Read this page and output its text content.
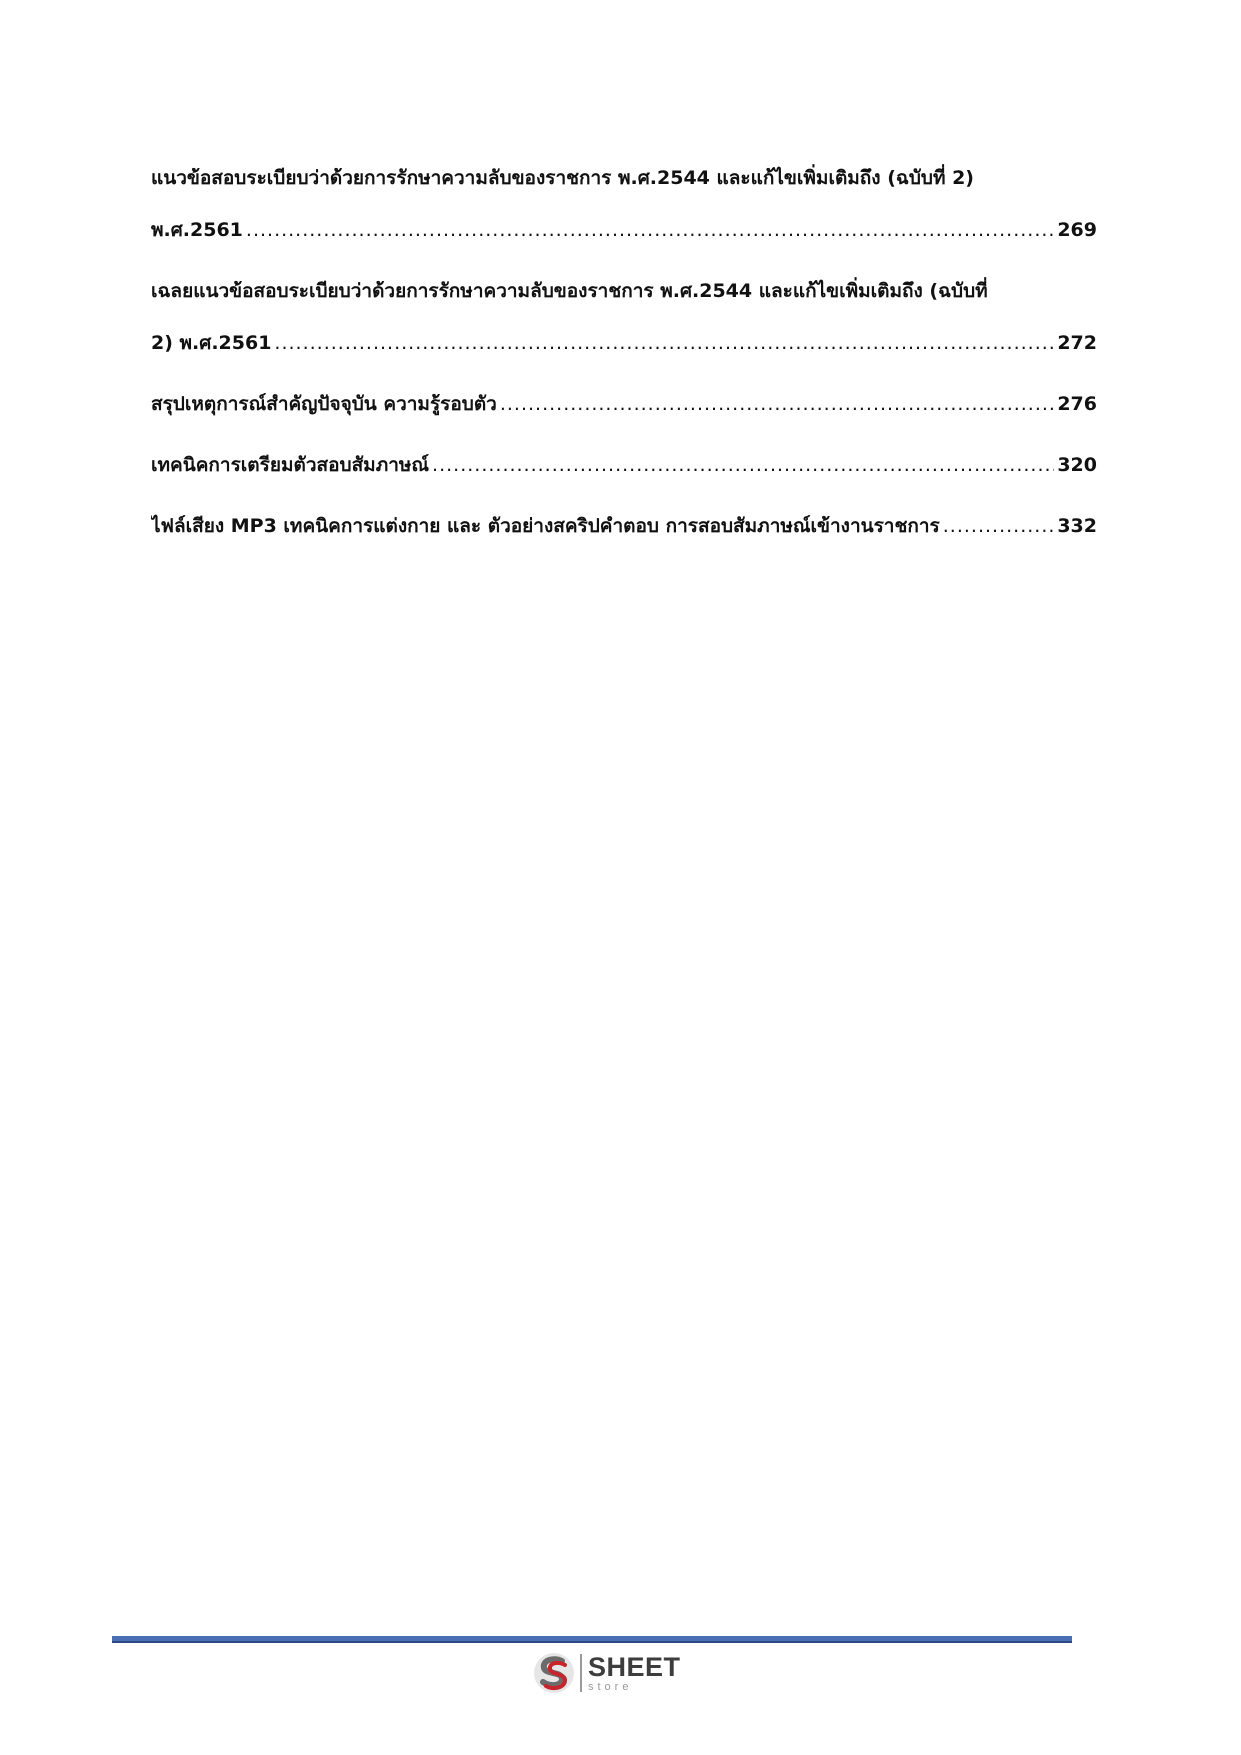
แนวข้อสอบระเบียบว่าด้วยการรักษาความลับของราชการ พ.ศ.2544 และแก้ไขเพิ่มเติมถึง (ฉบับที่ 2)
พ.ศ.2561 .....	269
เฉลยแนวข้อสอบระเบียบว่าด้วยการรักษาความลับของราชการ พ.ศ.2544 และแก้ไขเพิ่มเติมถึง (ฉบับที่
2) พ.ศ.2561 .....	272
สรุปเหตุการณ์สำคัญปัจจุบัน ความรู้รอบตัว .....	276
เทคนิคการเตรียมตัวสอบสัมภาษณ์ .....	320
ไฟล์เสียง MP3 เทคนิคการแต่งกาย และ ตัวอย่างสคริปคำตอบ การสอบสัมภาษณ์เข้างานราชการ .....	332
SHEET
store
